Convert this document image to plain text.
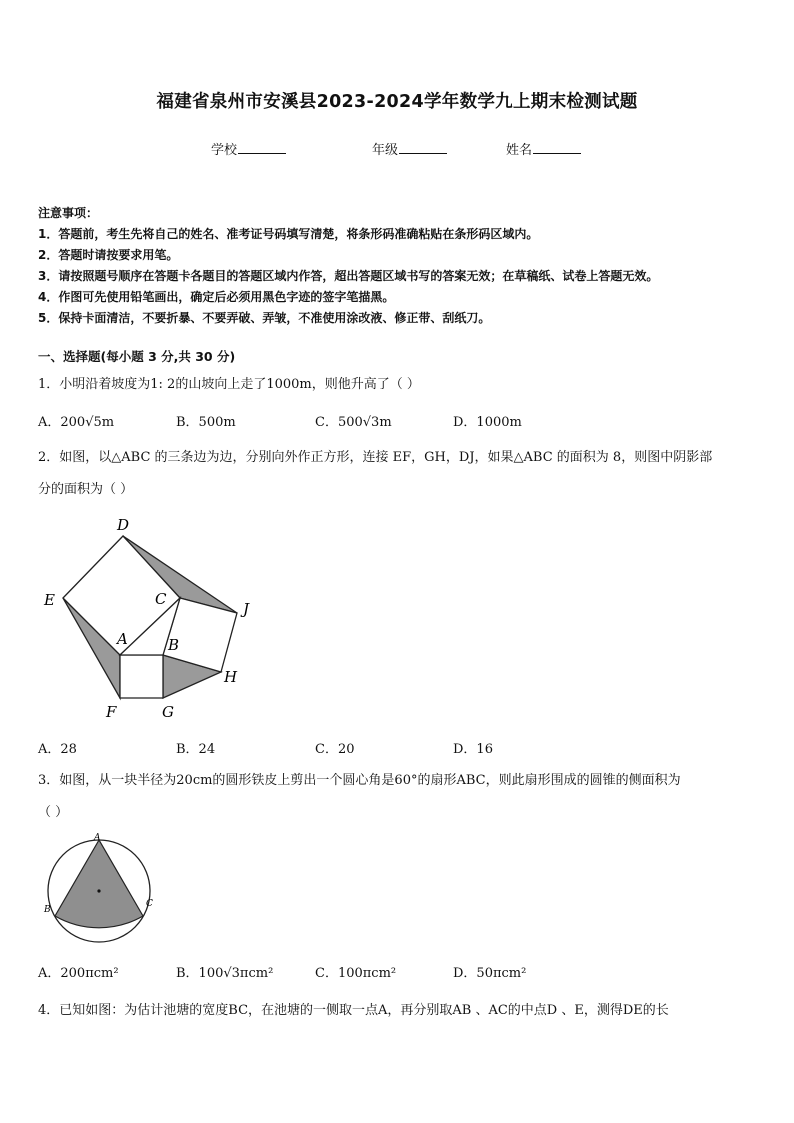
福建省泉州市安溪县2023-2024学年数学九上期末检测试题
学校	年级	姓名
注意事项：
1．答题前，考生先将自己的姓名、准考证号码填写清楚，将条形码准确粘贴在条形码区域内。
2．答题时请按要求用笔。
3．请按照题号顺序在答题卡各题目的答题区域内作答，超出答题区域书写的答案无效；在草稿纸、试卷上答题无效。
4．作图可先使用铅笔画出，确定后必须用黑色字迹的签字笔描黑。
5．保持卡面清洁，不要折暴、不要弄破、弄皱，不准使用涂改液、修正带、刮纸刀。
一、选择题(每小题 3 分,共 30 分)
1．小明沿着坡度为1: 2的山坡向上走了1000m，则他升高了（ ）
A．200√5m	B．500m	C．500√3m	D．1000m
2．如图，以△ABC 的三条边为边，分别向外作正方形，连接 EF，GH，DJ，如果△ABC 的面积为 8，则图中阴影部
分的面积为（ ）
D
E	C
J
A	B
H
F	G
A．28	B．24	C．20	D．16
3．如图，从一块半径为20cm的圆形铁皮上剪出一个圆心角是60°的扇形ABC，则此扇形围成的圆锥的侧面积为
（ ）
A
B
C
A．200πcm²	B．100√3πcm²	C．100πcm²	D．50πcm²
4．已知如图：为估计池塘的宽度BC，在池塘的一侧取一点A，再分别取AB 、AC的中点D 、E，测得DE的长
